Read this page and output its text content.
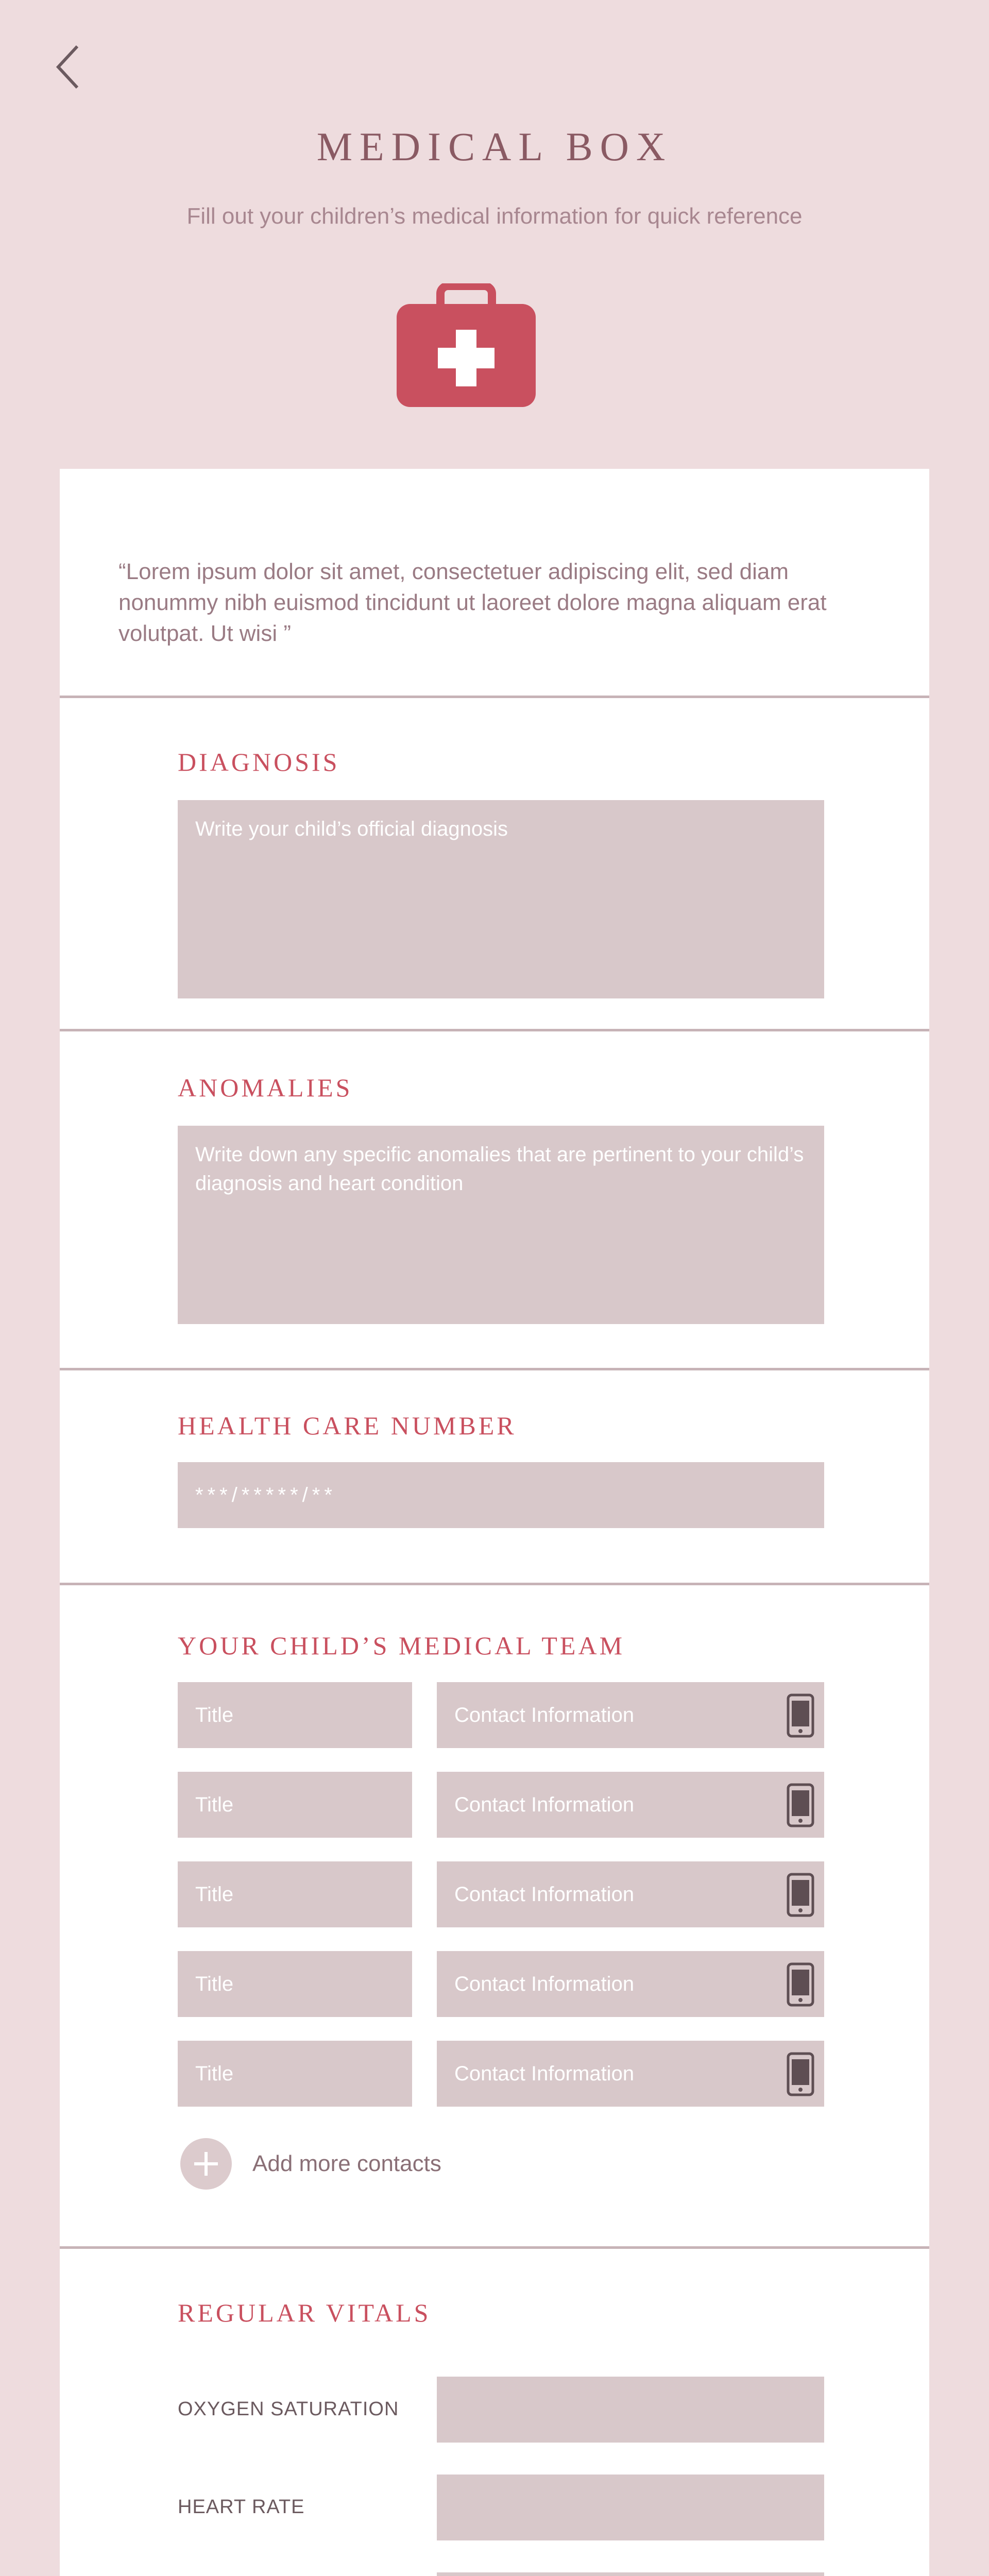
MEDICAL BOX
Fill out your children’s medical information for quick reference
“Lorem ipsum dolor sit amet, consectetuer adipiscing elit, sed diam nonummy nibh euismod tincidunt ut laoreet dolore magna aliquam erat volutpat. Ut wisi ”
DIAGNOSIS
Write your child’s official diagnosis
ANOMALIES
Write down any specific anomalies that are pertinent to your child’s diagnosis and heart condition
HEALTH CARE NUMBER
***/*****/**
YOUR CHILD’S MEDICAL TEAM
Title	Contact Information
Title	Contact Information
Title	Contact Information
Title	Contact Information
Title	Contact Information
Add more contacts
REGULAR VITALS
OXYGEN SATURATION
HEART RATE
